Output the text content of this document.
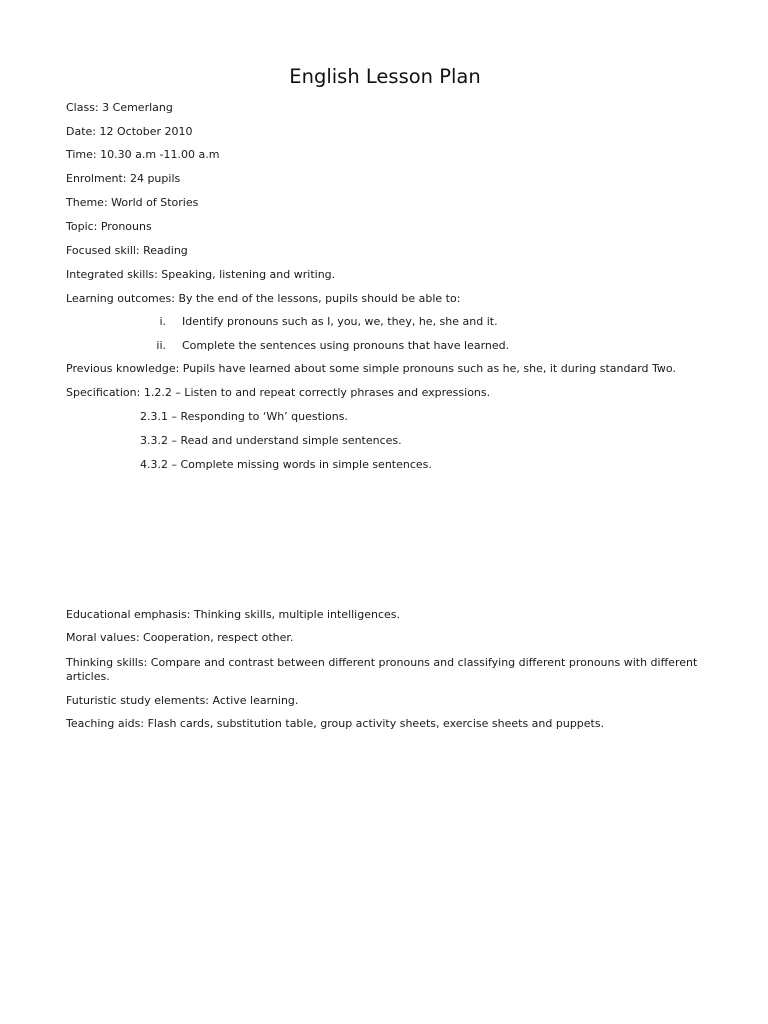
English Lesson Plan
Class: 3 Cemerlang
Date: 12 October 2010
Time: 10.30 a.m -11.00 a.m
Enrolment: 24 pupils
Theme: World of Stories
Topic: Pronouns
Focused skill: Reading
Integrated skills: Speaking, listening and writing.
Learning outcomes: By the end of the lessons, pupils should be able to:
i. Identify pronouns such as I, you, we, they, he, she and it.
ii. Complete the sentences using pronouns that have learned.
Previous knowledge: Pupils have learned about some simple pronouns such as he, she, it during standard Two.
Specification: 1.2.2 – Listen to and repeat correctly phrases and expressions.
2.3.1 – Responding to ‘Wh’ questions.
3.3.2 – Read and understand simple sentences.
4.3.2 – Complete missing words in simple sentences.
Educational emphasis: Thinking skills, multiple intelligences.
Moral values: Cooperation, respect other.
Thinking skills: Compare and contrast between different pronouns and classifying different pronouns with different articles.
Futuristic study elements: Active learning.
Teaching aids: Flash cards, substitution table, group activity sheets, exercise sheets and puppets.
